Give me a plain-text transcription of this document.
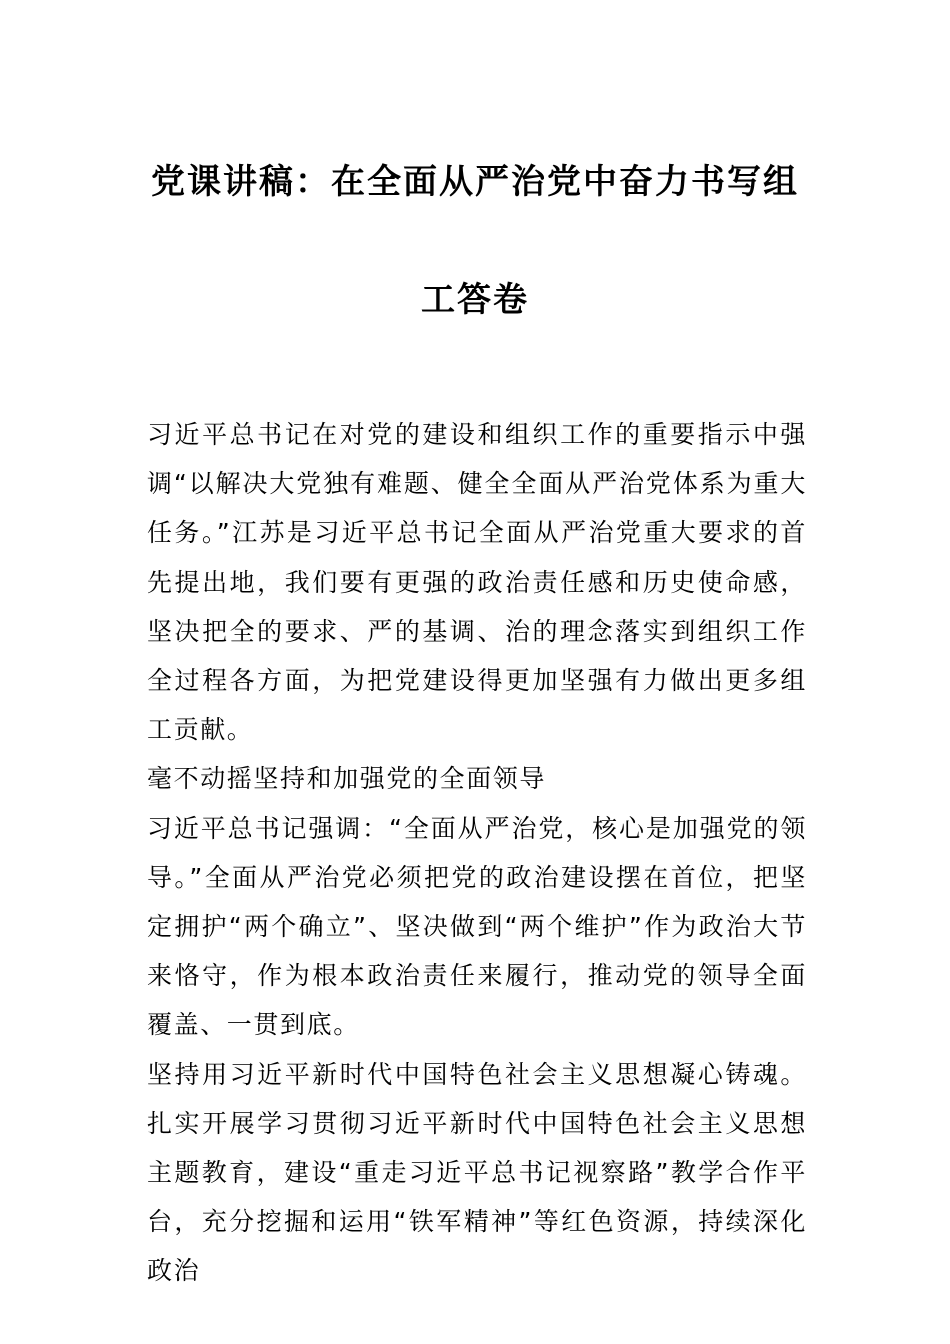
党课讲稿：在全面从严治党中奋力书写组
工答卷

习近平总书记在对党的建设和组织工作的重要指示中强调“以解决大党独有难题、健全全面从严治党体系为重大任务。”江苏是习近平总书记全面从严治党重大要求的首先提出地，我们要有更强的政治责任感和历史使命感，坚决把全的要求、严的基调、治的理念落实到组织工作全过程各方面，为把党建设得更加坚强有力做出更多组工贡献。

毫不动摇坚持和加强党的全面领导

习近平总书记强调：“全面从严治党，核心是加强党的领导。”全面从严治党必须把党的政治建设摆在首位，把坚定拥护“两个确立”、坚决做到“两个维护”作为政治大节来恪守，作为根本政治责任来履行，推动党的领导全面覆盖、一贯到底。

坚持用习近平新时代中国特色社会主义思想凝心铸魂。扎实开展学习贯彻习近平新时代中国特色社会主义思想主题教育，建设“重走习近平总书记视察路”教学合作平台，充分挖掘和运用“铁军精神”等红色资源，持续深化政治
